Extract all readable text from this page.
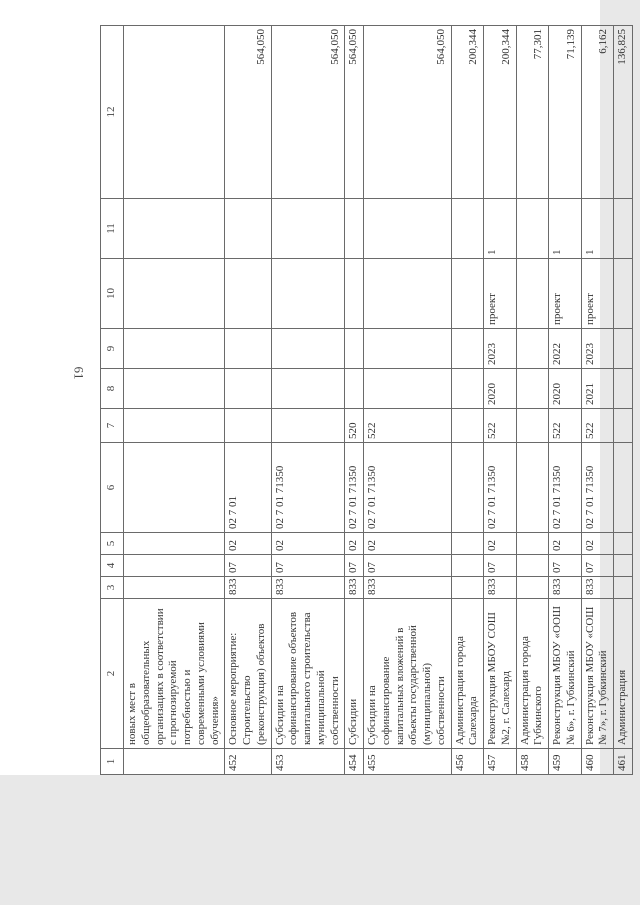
61
1	2	3	4	5	6	7	8	9	10	11	12
	новых мест в общеобразовательных организациях в соответствии с прогнозируемой потребностью и современными условиями обучения»										
452	Основное мероприятие: Строительство (реконструкция) объектов	833	07	02	02 7 01						564,050
453	Субсидии на софинансирование объектов капитального строительства муниципальной собственности	833	07	02	02 7 01 71350						564,050
454	Субсидии	833	07	02	02 7 01 71350	520					564,050
455	Субсидии на софинансирование капитальных вложений в объекты государственной (муниципальной) собственности	833	07	02	02 7 01 71350	522					564,050
456	Администрация города Салехарда										200,344
457	Реконструкция МБОУ СОШ №2, г. Салехард	833	07	02	02 7 01 71350	522	2020	2023	проект	1	200,344
458	Администрация города Губкинского										77,301
459	Реконструкция МБОУ «ООШ № 6», г. Губкинский	833	07	02	02 7 01 71350	522	2020	2022	проект	1	71,139
460	Реконструкция МБОУ «СОШ № 7», г. Губкинский	833	07	02	02 7 01 71350	522	2021	2023	проект	1	6,162
461	Администрация										136,825
